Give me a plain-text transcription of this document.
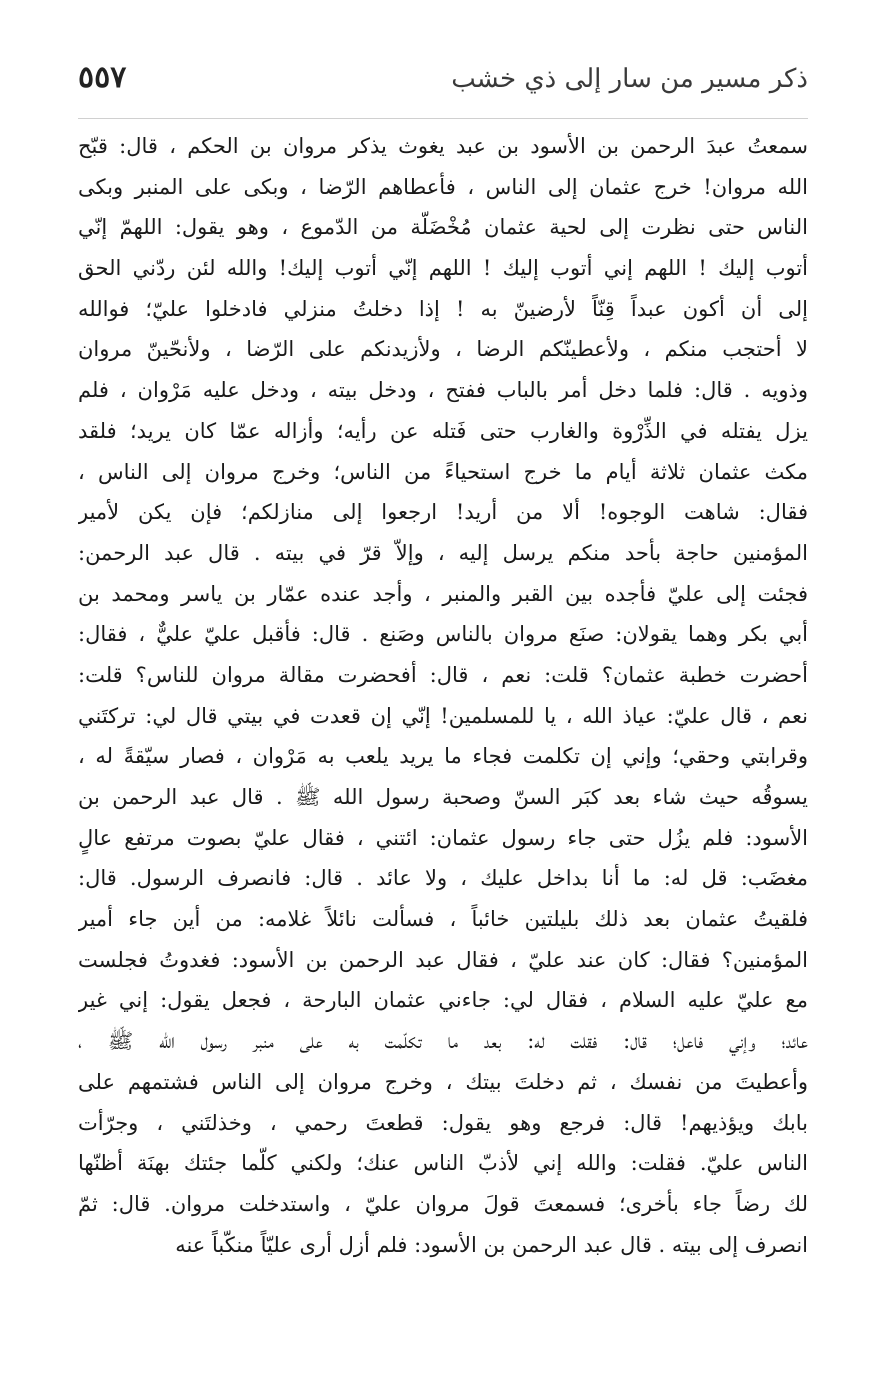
ذكر مسير من سار إلى ذي خشب
٥٥٧
سمعتُ عبدَ الرحمن بن الأسود بن عبد يغوث يذكر مروان بن الحكم ، قال: قبّح
الله مروان! خرج عثمان إلى الناس ، فأعطاهم الرّضا ، وبكى على المنبر وبكى
الناس حتى نظرت إلى لحية عثمان مُخْضَلّة من الدّموع ، وهو يقول: اللهمّ إنّي
أتوب إليك ! اللهم إني أتوب إليك ! اللهم إنّي أتوب إليك! والله لئن ردّني الحق
إلى أن أكون عبداً قِنّاً لأرضينّ به ! إذا دخلتُ منزلي فادخلوا عليّ؛ فوالله
لا أحتجب منكم ، ولأعطينّكم الرضا ، ولأزيدنكم على الرّضا ، ولأنحّينّ مروان
وذويه . قال: فلما دخل أمر بالباب ففتح ، ودخل بيته ، ودخل عليه مَرْوان ، فلم
يزل يفتله في الذِّرْوة والغارب حتى فَتله عن رأيه؛ وأزاله عمّا كان يريد؛ فلقد
مكث عثمان ثلاثة أيام ما خرج استحياءً من الناس؛ وخرج مروان إلى الناس ،
فقال: شاهت الوجوه! ألا من أريد! ارجعوا إلى منازلكم؛ فإن يكن لأمير
المؤمنين حاجة بأحد منكم يرسل إليه ، وإلاّ قرّ في بيته . قال عبد الرحمن:
فجئت إلى عليّ فأجده بين القبر والمنبر ، وأجد عنده عمّار بن ياسر ومحمد بن
أبي بكر وهما يقولان: صنَع مروان بالناس وصَنع . قال: فأقبل عليّ عليٌّ ، فقال:
أحضرت خطبة عثمان؟ قلت: نعم ، قال: أفحضرت مقالة مروان للناس؟ قلت:
نعم ، قال عليّ: عياذ الله ، يا للمسلمين! إنّي إن قعدت في بيتي قال لي: تركتَني
وقرابتي وحقي؛ وإني إن تكلمت فجاء ما يريد يلعب به مَرْوان ، فصار سيّقةً له ،
يسوقُه حيث شاء بعد كبَر السنّ وصحبة رسول الله ﷺ . قال عبد الرحمن بن
الأسود: فلم يزُل حتى جاء رسول عثمان: ائتني ، فقال عليّ بصوت مرتفع عالٍ
مغضَب: قل له: ما أنا بداخل عليك ، ولا عائد . قال: فانصرف الرسول. قال:
فلقيتُ عثمان بعد ذلك بليلتين خائباً ، فسألت نائلاً غلامه: من أين جاء أمير
المؤمنين؟ فقال: كان عند عليّ ، فقال عبد الرحمن بن الأسود: فغدوتُ فجلست
مع عليّ عليه السلام ، فقال لي: جاءني عثمان البارحة ، فجعل يقول: إني غير
عائد؛ وإني فاعل؛ قال: فقلت له: بعد ما تكلّمت به على منبر رسول الله ﷺ ،
وأعطيتَ من نفسك ، ثم دخلتَ بيتك ، وخرج مروان إلى الناس فشتمهم على
بابك ويؤذيهم! قال: فرجع وهو يقول: قطعتَ رحمي ، وخذلتَني ، وجرّأت
الناس عليّ. فقلت: والله إني لأذبّ الناس عنك؛ ولكني كلّما جئتك بهنَة أظنّها
لك رضاً جاء بأخرى؛ فسمعتَ قولَ مروان عليّ ، واستدخلت مروان. قال: ثمّ
انصرف إلى بيته . قال عبد الرحمن بن الأسود: فلم أزل أرى عليّاً منكّباً عنه
